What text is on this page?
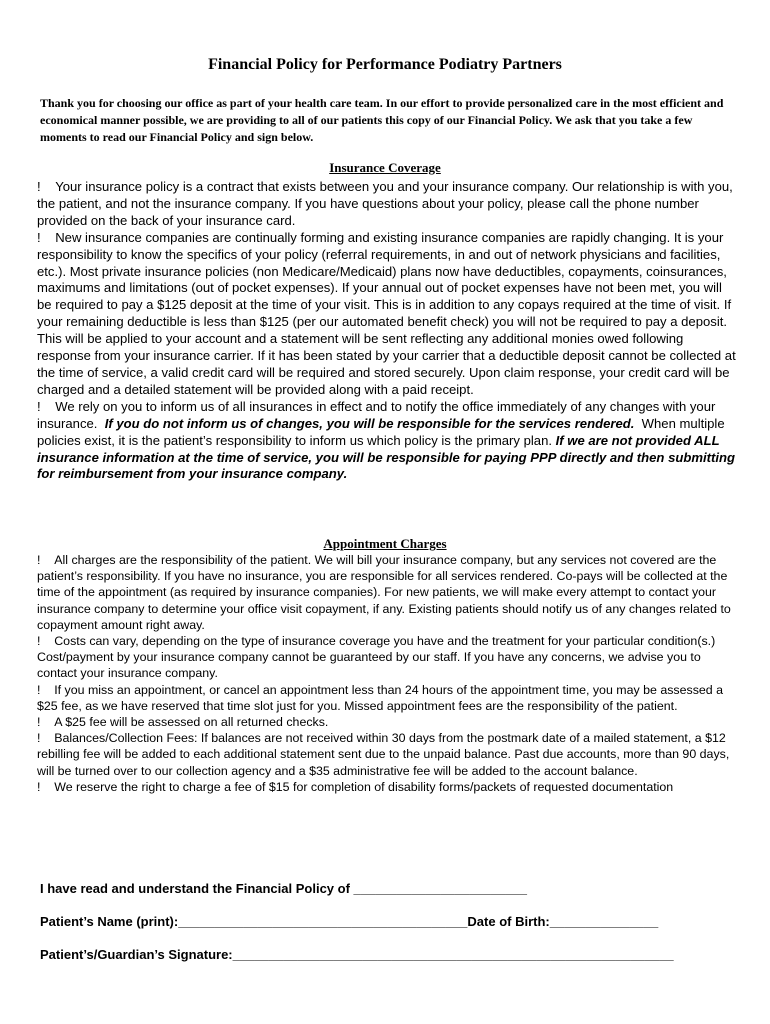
Financial Policy for Performance Podiatry Partners
Thank you for choosing our office as part of your health care team. In our effort to provide personalized care in the most efficient and economical manner possible, we are providing to all of our patients this copy of our Financial Policy. We ask that you take a few moments to read our Financial Policy and sign below.
Insurance Coverage

! Your insurance policy is a contract that exists between you and your insurance company. Our relationship is with you, the patient, and not the insurance company. If you have questions about your policy, please call the phone number provided on the back of your insurance card.

! New insurance companies are continually forming and existing insurance companies are rapidly changing. It is your responsibility to know the specifics of your policy (referral requirements, in and out of network physicians and facilities, etc.). Most private insurance policies (non Medicare/Medicaid) plans now have deductibles, copayments, coinsurances, maximums and limitations (out of pocket expenses). If your annual out of pocket expenses have not been met, you will be required to pay a $125 deposit at the time of your visit. This is in addition to any copays required at the time of visit. If your remaining deductible is less than $125 (per our automated benefit check) you will not be required to pay a deposit. This will be applied to your account and a statement will be sent reflecting any additional monies owed following response from your insurance carrier. If it has been stated by your carrier that a deductible deposit cannot be collected at the time of service, a valid credit card will be required and stored securely. Upon claim response, your credit card will be charged and a detailed statement will be provided along with a paid receipt.

! We rely on you to inform us of all insurances in effect and to notify the office immediately of any changes with your insurance. If you do not inform us of changes, you will be responsible for the services rendered. When multiple policies exist, it is the patient’s responsibility to inform us which policy is the primary plan. If we are not provided ALL insurance information at the time of service, you will be responsible for paying PPP directly and then submitting for reimbursement from your insurance company.

Appointment Charges

! All charges are the responsibility of the patient. We will bill your insurance company, but any services not covered are the patient’s responsibility. If you have no insurance, you are responsible for all services rendered. Co-pays will be collected at the time of the appointment (as required by insurance companies). For new patients, we will make every attempt to contact your insurance company to determine your office visit copayment, if any. Existing patients should notify us of any changes related to copayment amount right away.

! Costs can vary, depending on the type of insurance coverage you have and the treatment for your particular condition(s.) Cost/payment by your insurance company cannot be guaranteed by our staff. If you have any concerns, we advise you to contact your insurance company.

! If you miss an appointment, or cancel an appointment less than 24 hours of the appointment time, you may be assessed a $25 fee, as we have reserved that time slot just for you. Missed appointment fees are the responsibility of the patient.

! A $25 fee will be assessed on all returned checks.

! Balances/Collection Fees: If balances are not received within 30 days from the postmark date of a mailed statement, a $12 rebilling fee will be added to each additional statement sent due to the unpaid balance. Past due accounts, more than 90 days, will be turned over to our collection agency and a $35 administrative fee will be added to the account balance.

! We reserve the right to charge a fee of $15 for completion of disability forms/packets of requested documentation

I have read and understand the Financial Policy of ________________________
Patient’s Name (print):________________________________________Date of Birth:_______________
Patient’s/Guardian’s Signature:_____________________________________________________________
